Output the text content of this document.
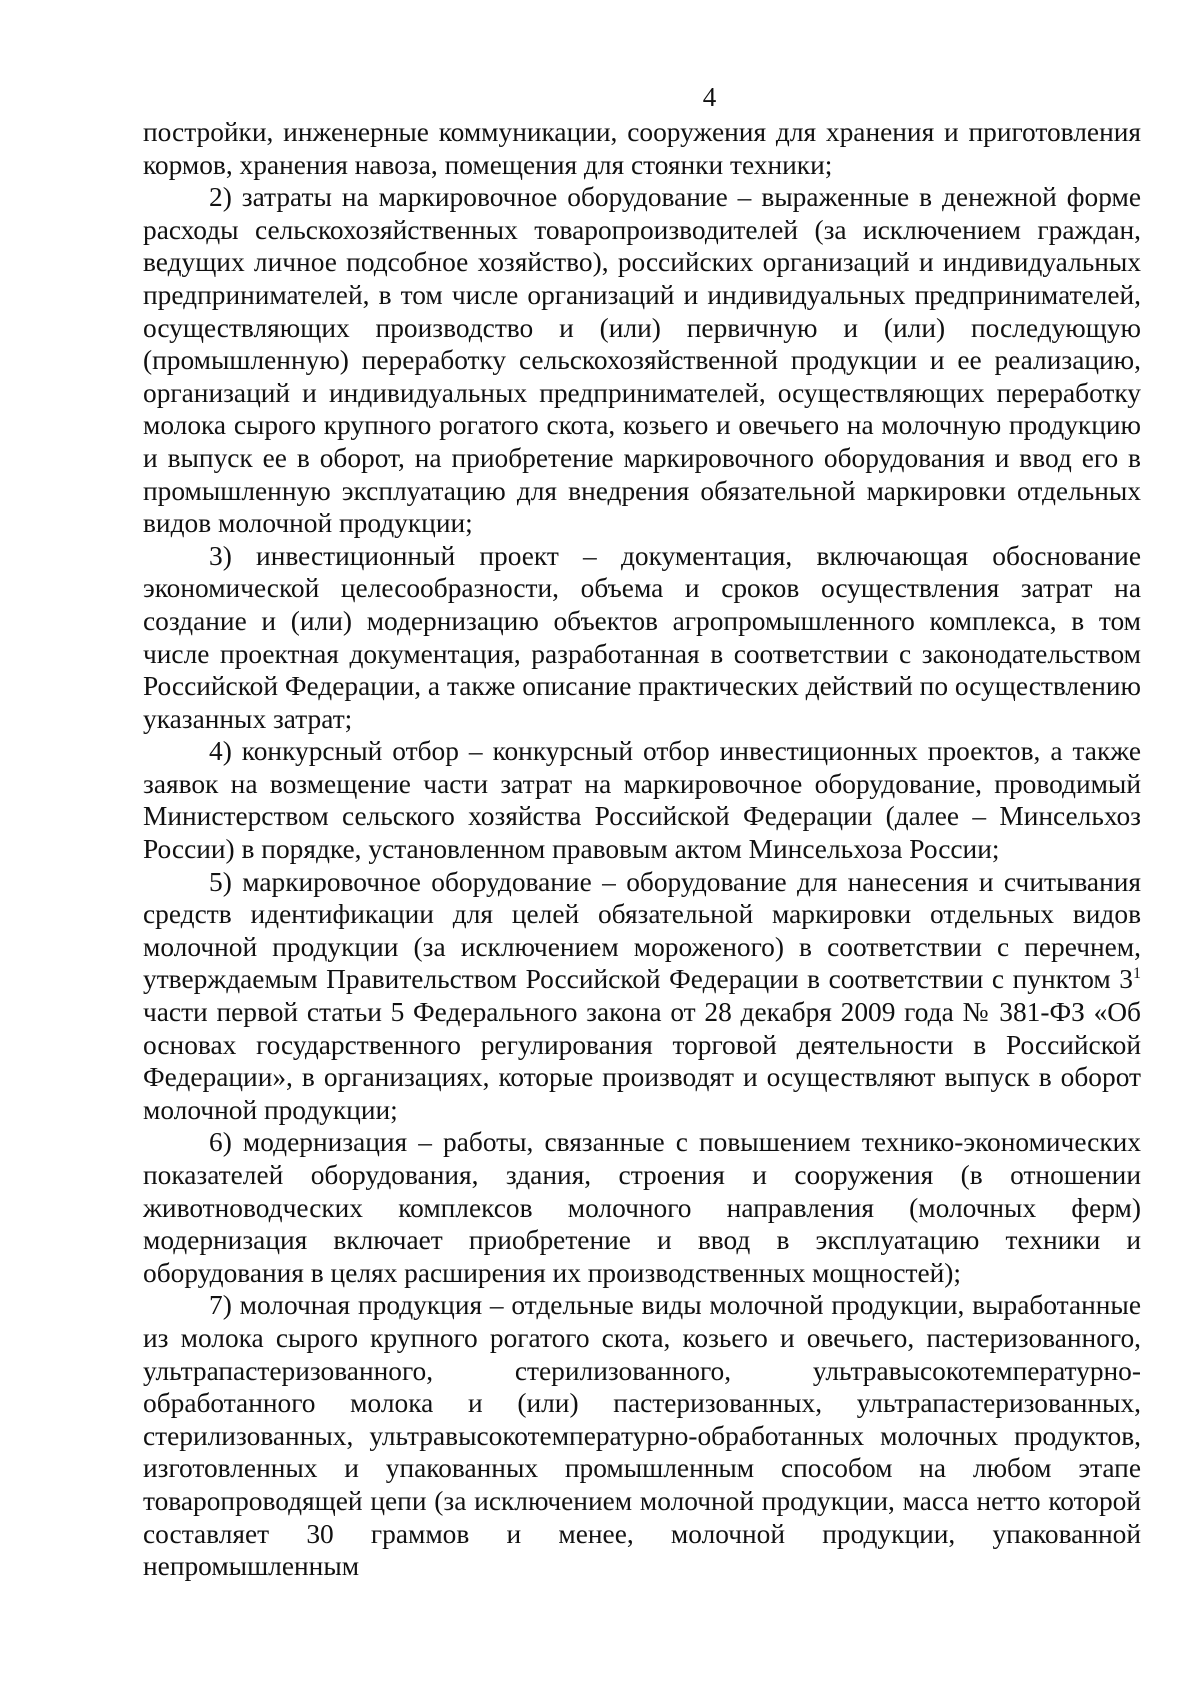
4

постройки, инженерные коммуникации, сооружения для хранения и приготовления кормов, хранения навоза, помещения для стоянки техники;

2) затраты на маркировочное оборудование – выраженные в денежной форме расходы сельскохозяйственных товаропроизводителей (за исключением граждан, ведущих личное подсобное хозяйство), российских организаций и индивидуальных предпринимателей, в том числе организаций и индивидуальных предпринимателей, осуществляющих производство и (или) первичную и (или) последующую (промышленную) переработку сельскохозяйственной продукции и ее реализацию, организаций и индивидуальных предпринимателей, осуществляющих переработку молока сырого крупного рогатого скота, козьего и овечьего на молочную продукцию и выпуск ее в оборот, на приобретение маркировочного оборудования и ввод его в промышленную эксплуатацию для внедрения обязательной маркировки отдельных видов молочной продукции;

3) инвестиционный проект – документация, включающая обоснование экономической целесообразности, объема и сроков осуществления затрат на создание и (или) модернизацию объектов агропромышленного комплекса, в том числе проектная документация, разработанная в соответствии с законодательством Российской Федерации, а также описание практических действий по осуществлению указанных затрат;

4) конкурсный отбор – конкурсный отбор инвестиционных проектов, а также заявок на возмещение части затрат на маркировочное оборудование, проводимый Министерством сельского хозяйства Российской Федерации (далее – Минсельхоз России) в порядке, установленном правовым актом Минсельхоза России;

5) маркировочное оборудование – оборудование для нанесения и считывания средств идентификации для целей обязательной маркировки отдельных видов молочной продукции (за исключением мороженого) в соответствии с перечнем, утверждаемым Правительством Российской Федерации в соответствии с пунктом $3^1$ части первой статьи 5 Федерального закона от 28 декабря 2009 года № 381-ФЗ «Об основах государственного регулирования торговой деятельности в Российской Федерации», в организациях, которые производят и осуществляют выпуск в оборот молочной продукции;

6) модернизация – работы, связанные с повышением технико-экономических показателей оборудования, здания, строения и сооружения (в отношении животноводческих комплексов молочного направления (молочных ферм) модернизация включает приобретение и ввод в эксплуатацию техники и оборудования в целях расширения их производственных мощностей);

7) молочная продукция – отдельные виды молочной продукции, выработанные из молока сырого крупного рогатого скота, козьего и овечьего, пастеризованного, ультрапастеризованного, стерилизованного, ультравысокотемпературно-обработанного молока и (или) пастеризованных, ультрапастеризованных, стерилизованных, ультравысокотемпературно-обработанных молочных продуктов, изготовленных и упакованных промышленным способом на любом этапе товаропроводящей цепи (за исключением молочной продукции, масса нетто которой составляет 30 граммов и менее, молочной продукции, упакованной непромышленным
